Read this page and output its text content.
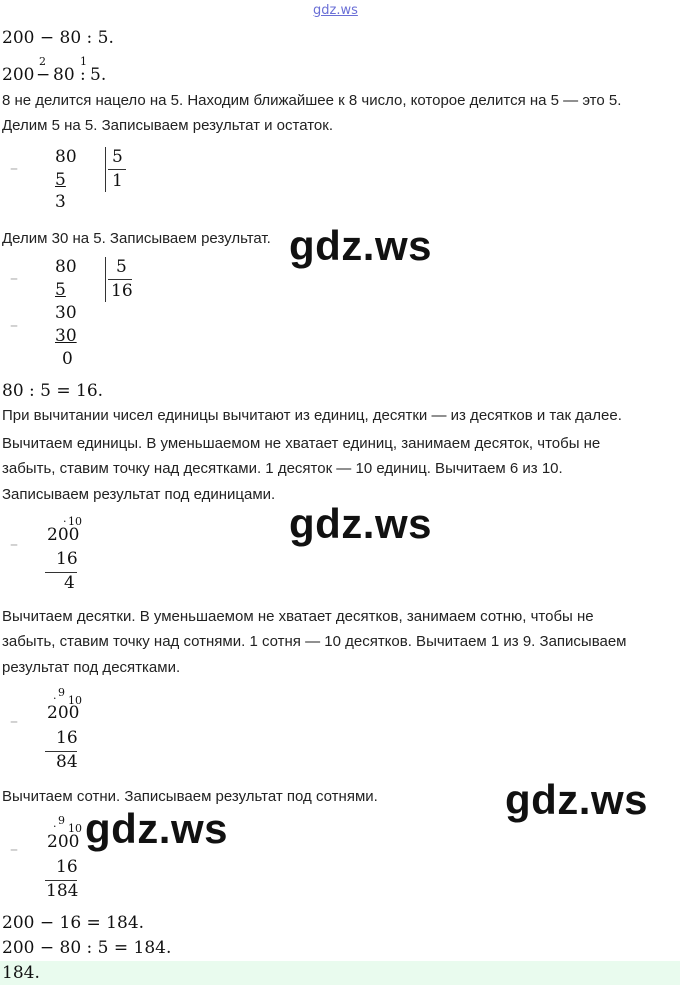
gdz.ws
200 − 80 : 5.
200
2
− 80
1
: 5.
8 не делится нацело на 5. Находим ближайшее к 8 число, которое делится на 5 — это 5.
Делим 5 на 5. Записываем результат и остаток.
–
80
5
3
5
1
Делим 30 на 5. Записываем результат.
–
80
5
–
30
30
0
5
16
80 : 5 = 16.
При вычитании чисел единицы вычитают из единиц, десятки — из десятков и так далее.
Вычитаем единицы. В уменьшаемом не хватает единиц, занимаем десяток, чтобы не
забыть, ставим точку над десятками. 1 десяток — 10 единиц. Вычитаем 6 из 10.
Записываем результат под единицами.
10
·
– 200
16
4
Вычитаем десятки. В уменьшаемом не хватает десятков, занимаем сотню, чтобы не
забыть, ставим точку над сотнями. 1 сотня — 10 десятков. Вычитаем 1 из 9. Записываем
результат под десятками.
9
10
·
– 200
16
84
Вычитаем сотни. Записываем результат под сотнями.
9
10
·
– 200
16
184
200 − 16 = 184.
200 − 80 : 5 = 184.
184.
gdz.ws
gdz.ws
gdz.ws
gdz.ws
